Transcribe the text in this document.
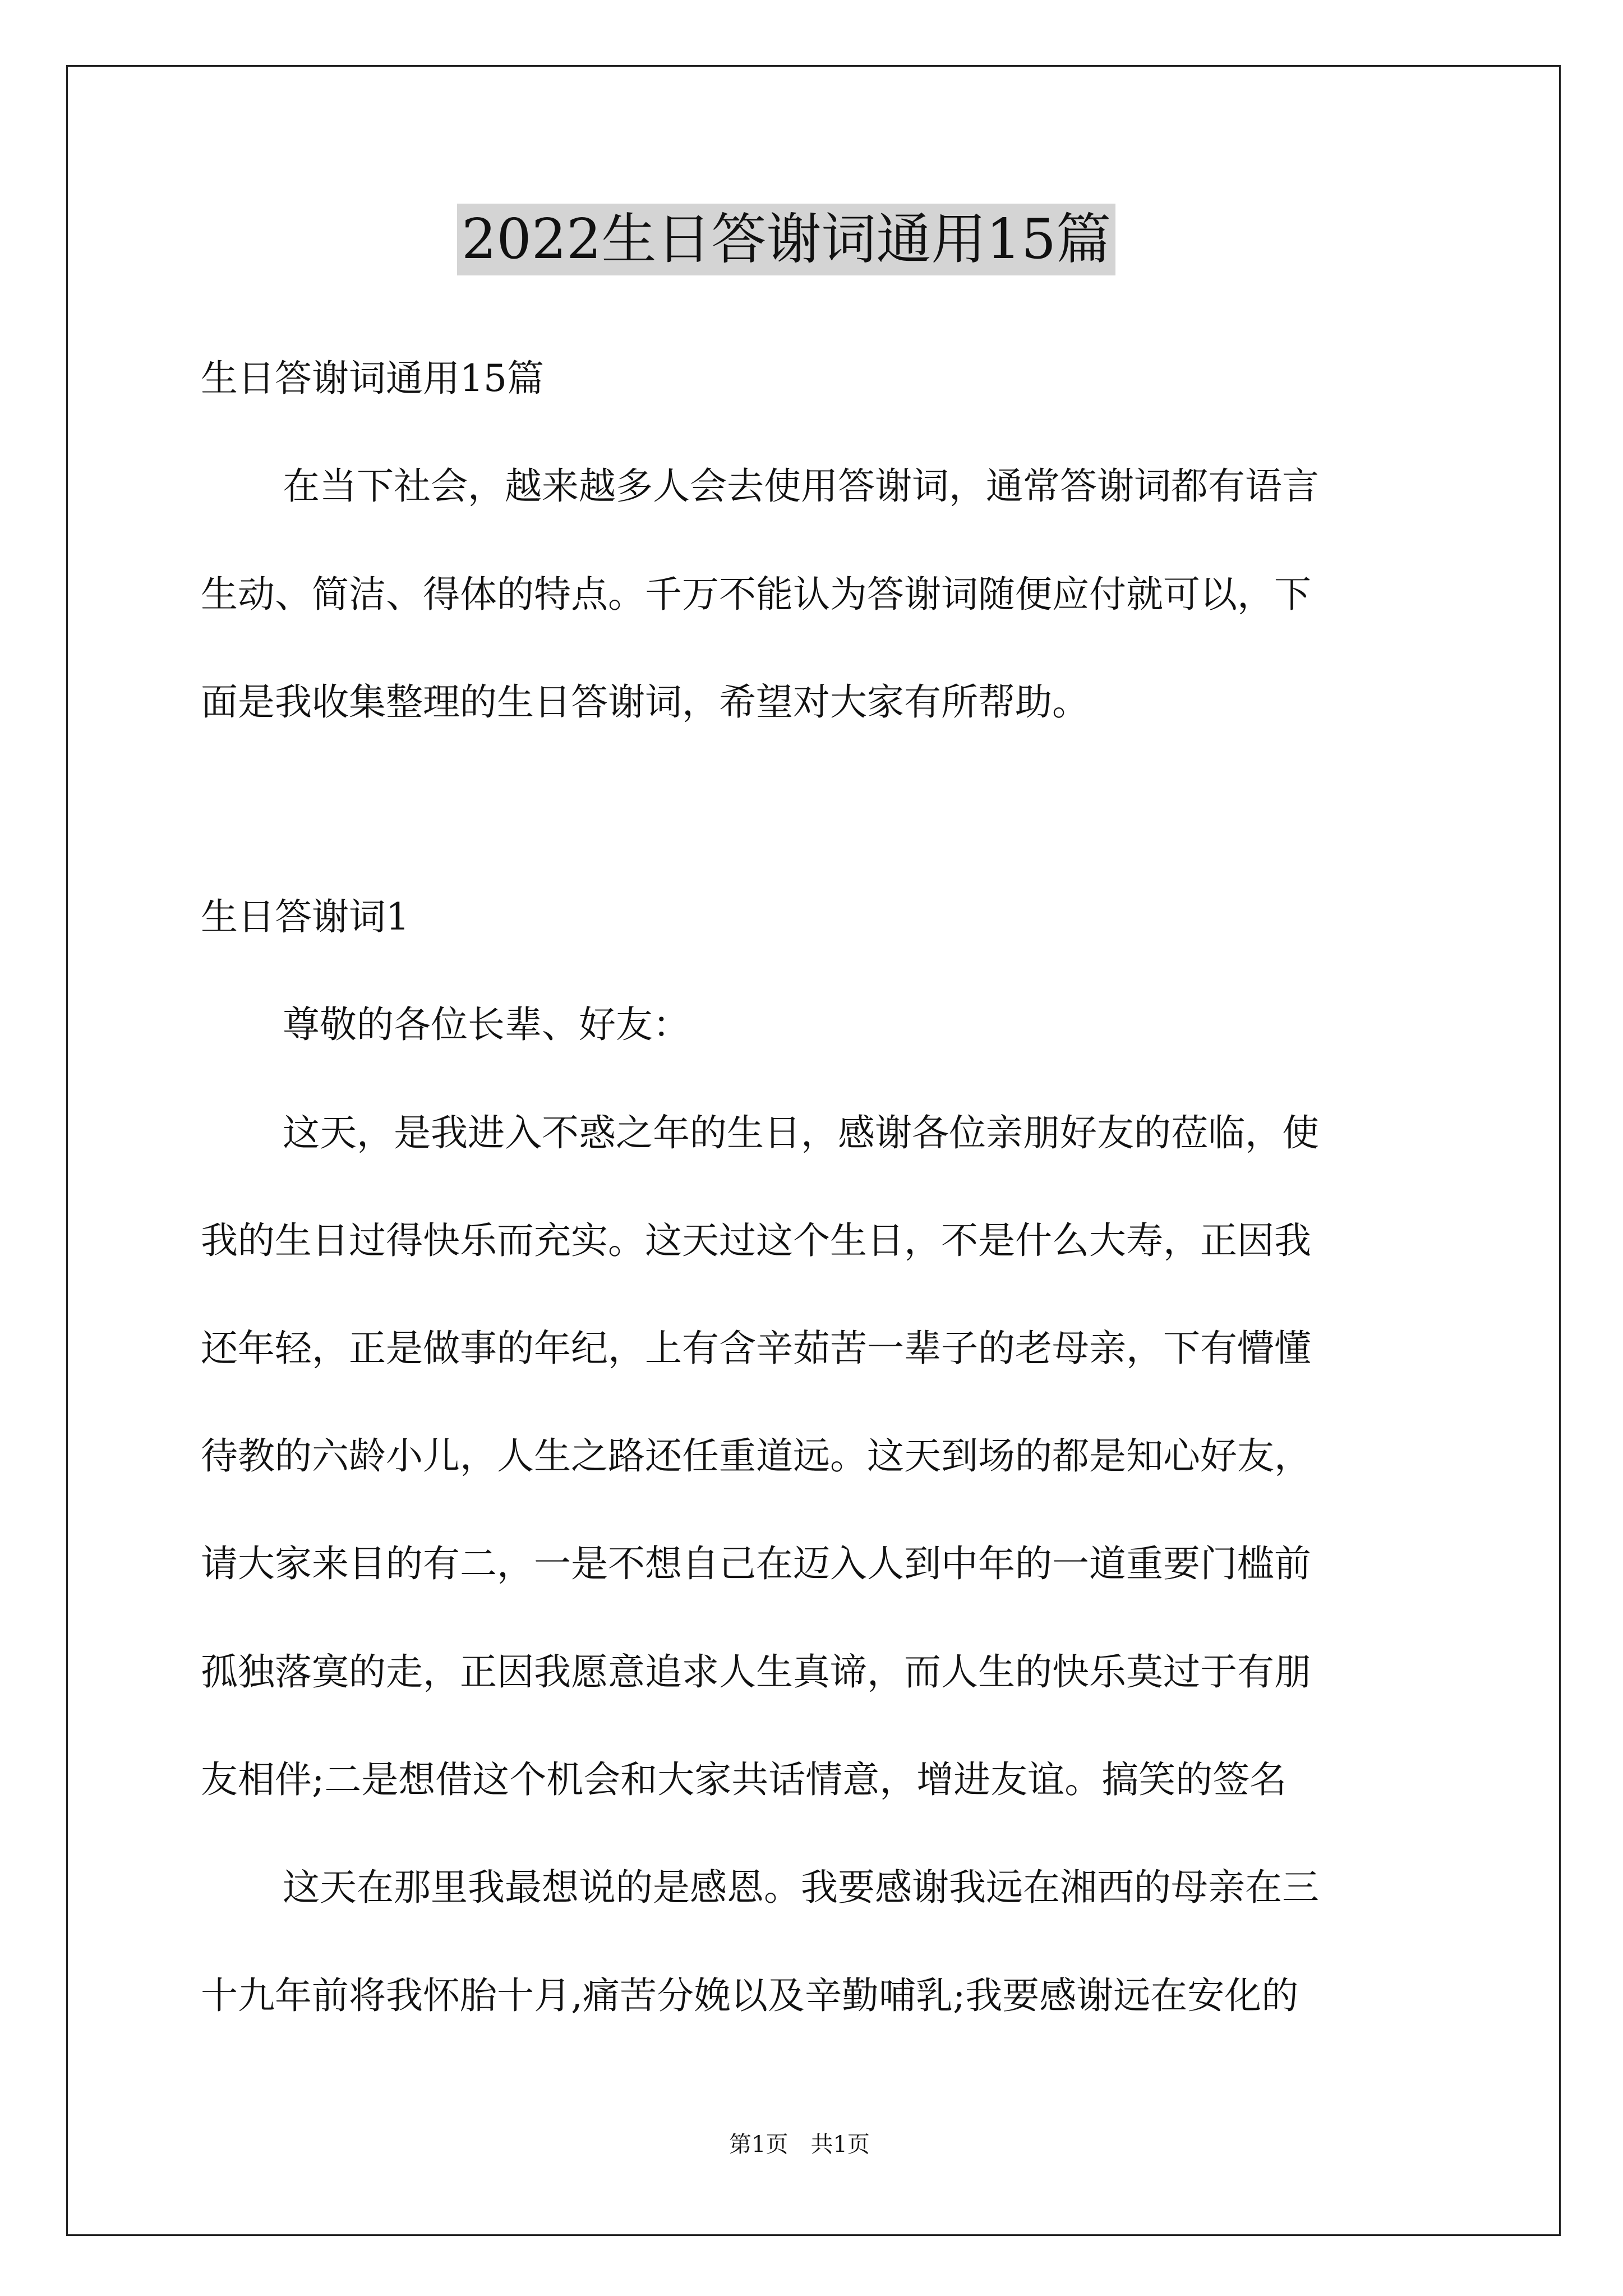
2022生日答谢词通用15篇
生日答谢词通用15篇
在当下社会，越来越多人会去使用答谢词，通常答谢词都有语言
生动、简洁、得体的特点。千万不能认为答谢词随便应付就可以，下
面是我收集整理的生日答谢词，希望对大家有所帮助。
生日答谢词1
尊敬的各位长辈、好友：
这天，是我进入不惑之年的生日，感谢各位亲朋好友的莅临，使
我的生日过得快乐而充实。这天过这个生日，不是什么大寿，正因我
还年轻，正是做事的年纪，上有含辛茹苦一辈子的老母亲，下有懵懂
待教的六龄小儿，人生之路还任重道远。这天到场的都是知心好友，
请大家来目的有二，一是不想自己在迈入人到中年的一道重要门槛前
孤独落寞的走，正因我愿意追求人生真谛，而人生的快乐莫过于有朋
友相伴;二是想借这个机会和大家共话情意，增进友谊。搞笑的签名
这天在那里我最想说的是感恩。我要感谢我远在湘西的母亲在三
十九年前将我怀胎十月,痛苦分娩以及辛勤哺乳;我要感谢远在安化的
第1页　共1页
